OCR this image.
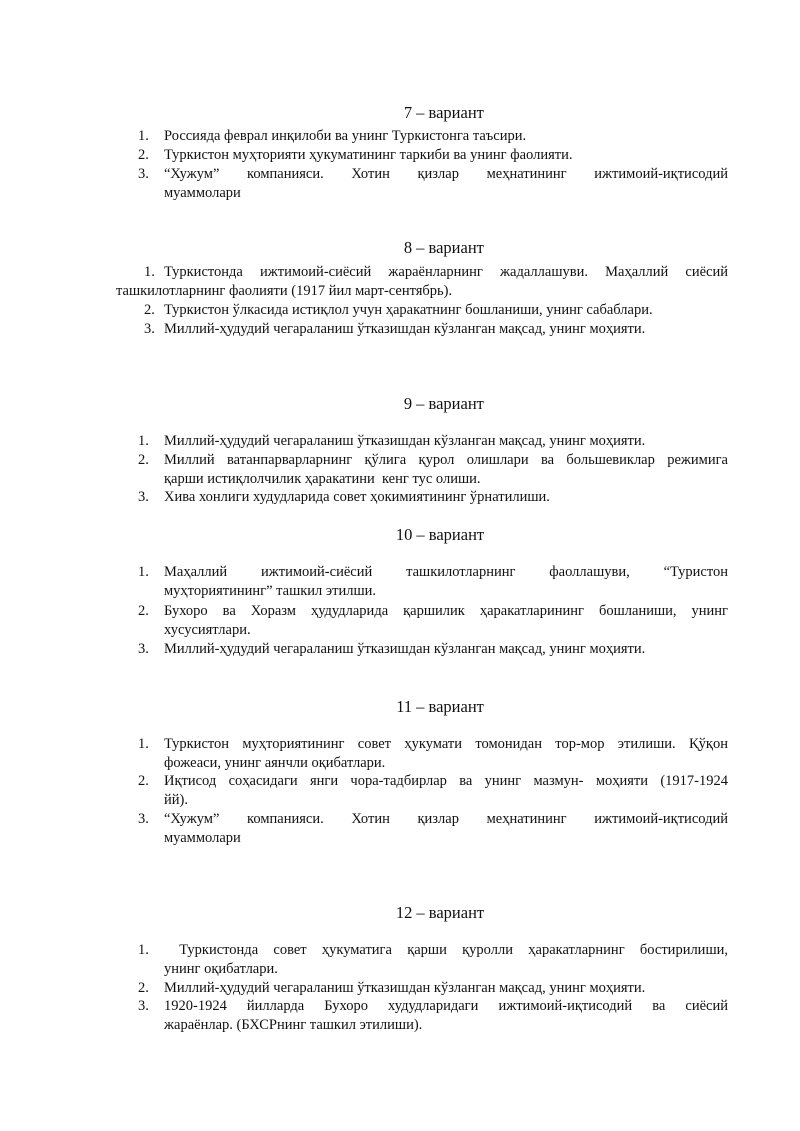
7 – вариант
1.	Россияда феврал инқилоби ва унинг Туркистонга таъсири.
2.	Туркистон муҳторияти ҳукуматининг таркиби ва унинг фаолияти.
3.	“Хужум”   компанияси.   Хотин   қизлар   меҳнатининг   ижтимоий-иқтисодий
муаммолари
8 – вариант
1. Туркистонда ижтимоий-сиёсий жараёнларнинг жадаллашуви. Маҳаллий сиёсий
ташкилотларнинг фаолияти (1917 йил март-сентябрь).
2. Туркистон ўлкасида истиқлол учун ҳаракатнинг бошланиши, унинг сабаблари.
3. Миллий-ҳудудий чегараланиш ўтказишдан кўзланган мақсад, унинг моҳияти.
9 – вариант
1.	Миллий-ҳудудий чегараланиш ўтказишдан кўзланган мақсад, унинг моҳияти.
2.	Миллий ватанпарварларнинг қўлига қурол олишлари ва большевиклар режимига
қарши истиқлолчилик ҳаракатини  кенг тус олиши.
3.	Хива хонлиги худудларида совет ҳокимиятининг ўрнатилиши.
10 – вариант
1.	Маҳаллий    ижтимоий-сиёсий    ташкилотларнинг    фаоллашуви,    “Туристон
муҳториятининг” ташкил этилши.
2.	Бухоро ва Хоразм ҳудудларида қаршилик ҳаракатларининг бошланиши, унинг
хусусиятлари.
3.	Миллий-ҳудудий чегараланиш ўтказишдан кўзланган мақсад, унинг моҳияти.
11 – вариант
1.	Туркистон муҳториятининг совет ҳукумати томонидан тор-мор этилиши. Қўқон
фожеаси, унинг аянчли оқибатлари.
2.	Иқтисод соҳасидаги янги чора-тадбирлар ва унинг мазмун- моҳияти (1917-1924
йй).
3.	“Хужум”   компанияси.   Хотин   қизлар   меҳнатининг   ижтимоий-иқтисодий
муаммолари
12 – вариант
1.	Туркистонда совет ҳукуматига қарши қуролли ҳаракатларнинг бостирилиши,
унинг оқибатлари.
2.	Миллий-ҳудудий чегараланиш ўтказишдан кўзланган мақсад, унинг моҳияти.
3.	1920-1924 йилларда Бухоро худудларидаги ижтимоий-иқтисодий ва сиёсий
жараёнлар. (БХСРнинг ташкил этилиши).
